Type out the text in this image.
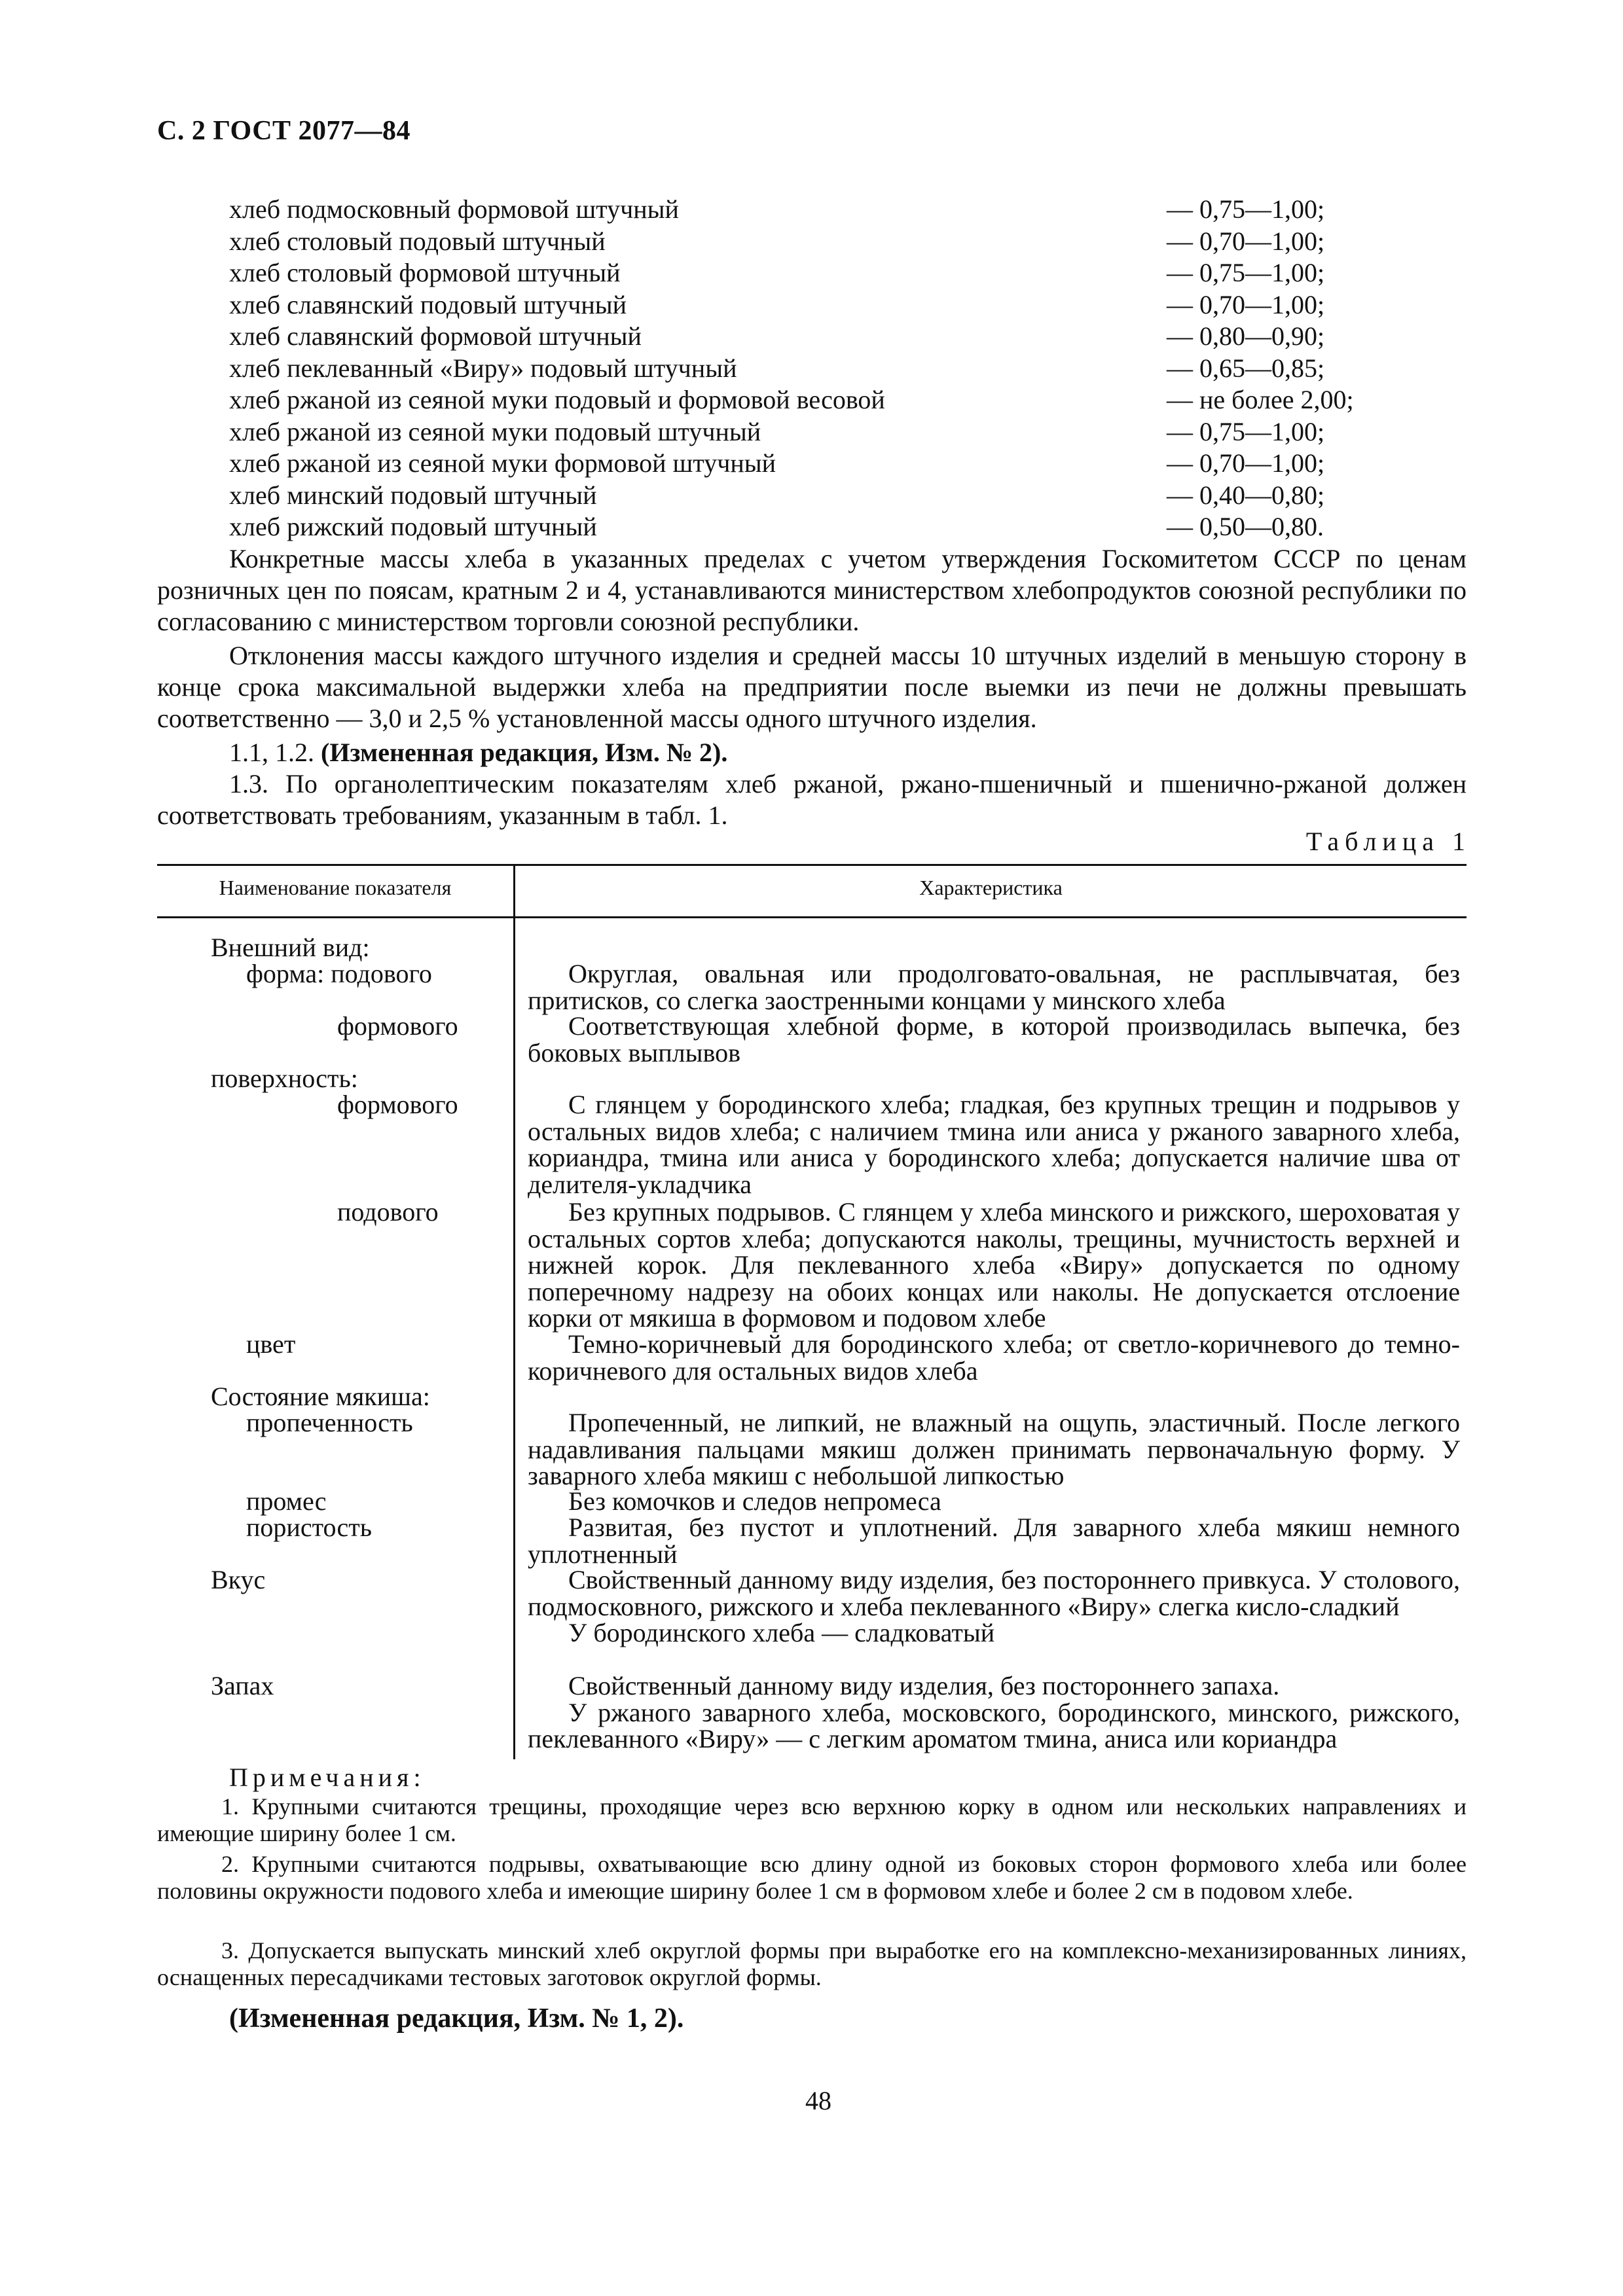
С. 2 ГОСТ 2077—84
хлеб подмосковный формовой штучный	— 0,75—1,00;
хлеб столовый подовый штучный	— 0,70—1,00;
хлеб столовый формовой штучный	— 0,75—1,00;
хлеб славянский подовый штучный	— 0,70—1,00;
хлеб славянский формовой штучный	— 0,80—0,90;
хлеб пеклеванный «Виру» подовый штучный	— 0,65—0,85;
хлеб ржаной из сеяной муки подовый и формовой весовой	— не более 2,00;
хлеб ржаной из сеяной муки подовый штучный	— 0,75—1,00;
хлеб ржаной из сеяной муки формовой штучный	— 0,70—1,00;
хлеб минский подовый штучный	— 0,40—0,80;
хлеб рижский подовый штучный	— 0,50—0,80.
Конкретные массы хлеба в указанных пределах с учетом утверждения Госкомитетом СССР по ценам розничных цен по поясам, кратным 2 и 4, устанавливаются министерством хлебопродуктов союзной республики по согласованию с министерством торговли союзной республики.
Отклонения массы каждого штучного изделия и средней массы 10 штучных изделий в меньшую сторону в конце срока максимальной выдержки хлеба на предприятии после выемки из печи не должны превышать соответственно — 3,0 и 2,5 % установленной массы одного штучного изделия.
1.1, 1.2. (Измененная редакция, Изм. № 2).
1.3. По органолептическим показателям хлеб ржаной, ржано-пшеничный и пшенично-ржаной должен соответствовать требованиям, указанным в табл. 1.
Таблица 1
Наименование показателя	Характеристика
Внешний вид:
форма: подового	Округлая, овальная или продолговато-овальная, не расплывчатая, без притисков, со слегка заостренными концами у минского хлеба
формового	Соответствующая хлебной форме, в которой производилась выпечка, без боковых выплывов
поверхность:
формового	С глянцем у бородинского хлеба; гладкая, без крупных трещин и подрывов у остальных видов хлеба; с наличием тмина или аниса у ржаного заварного хлеба, кориандра, тмина или аниса у бородинского хлеба; допускается наличие шва от делителя-укладчика
подового	Без крупных подрывов. С глянцем у хлеба минского и рижского, шероховатая у остальных сортов хлеба; допускаются наколы, трещины, мучнистость верхней и нижней корок. Для пеклеванного хлеба «Виру» допускается по одному поперечному надрезу на обоих концах или наколы. Не допускается отслоение корки от мякиша в формовом и подовом хлебе
цвет	Темно-коричневый для бородинского хлеба; от светло-коричневого до темно-коричневого для остальных видов хлеба
Состояние мякиша:
пропеченность	Пропеченный, не липкий, не влажный на ощупь, эластичный. После легкого надавливания пальцами мякиш должен принимать первоначальную форму. У заварного хлеба мякиш с небольшой липкостью
промес	Без комочков и следов непромеса
пористость	Развитая, без пустот и уплотнений. Для заварного хлеба мякиш немного уплотненный
Вкус	Свойственный данному виду изделия, без постороннего привкуса. У столового, подмосковного, рижского и хлеба пеклеванного «Виру» слегка кисло-сладкий
У бородинского хлеба — сладковатый
Запах	Свойственный данному виду изделия, без постороннего запаха.
У ржаного заварного хлеба, московского, бородинского, минского, рижского, пеклеванного «Виру» — с легким ароматом тмина, аниса или кориандра
Примечания:
1. Крупными считаются трещины, проходящие через всю верхнюю корку в одном или нескольких направлениях и имеющие ширину более 1 см.
2. Крупными считаются подрывы, охватывающие всю длину одной из боковых сторон формового хлеба или более половины окружности подового хлеба и имеющие ширину более 1 см в формовом хлебе и более 2 см в подовом хлебе.
3. Допускается выпускать минский хлеб округлой формы при выработке его на комплексно-механизированных линиях, оснащенных пересадчиками тестовых заготовок округлой формы.
(Измененная редакция, Изм. № 1, 2).
48
